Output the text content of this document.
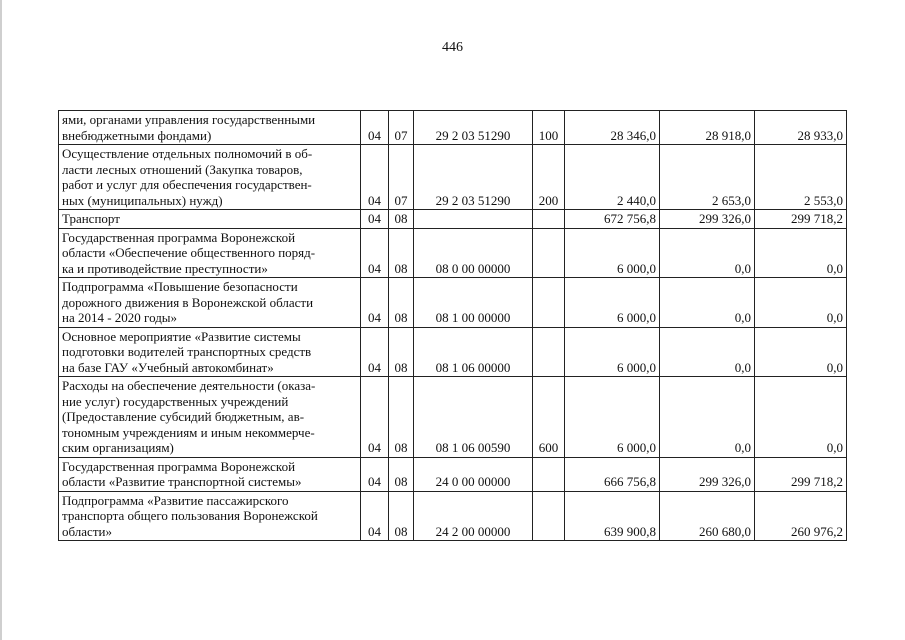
446
ями, органами управления государственными
внебюджетными фондами)	04	07	29 2 03 51290	100	28 346,0	28 918,0	28 933,0

Осуществление отдельных полномочий в об-
ласти лесных отношений (Закупка товаров,
работ и услуг для обеспечения государствен-
ных (муниципальных) нужд)	04	07	29 2 03 51290	200	2 440,0	2 653,0	2 553,0

Транспорт	04	08			672 756,8	299 326,0	299 718,2

Государственная программа Воронежской
области «Обеспечение общественного поряд-
ка и противодействие преступности»	04	08	08 0 00 00000		6 000,0	0,0	0,0

Подпрограмма «Повышение безопасности
дорожного движения в Воронежской области
на 2014 - 2020 годы»	04	08	08 1 00 00000		6 000,0	0,0	0,0

Основное мероприятие «Развитие системы
подготовки водителей транспортных средств
на базе ГАУ «Учебный автокомбинат»	04	08	08 1 06 00000		6 000,0	0,0	0,0

Расходы на обеспечение деятельности (оказа-
ние услуг) государственных учреждений
(Предоставление субсидий бюджетным, ав-
тономным учреждениям и иным некоммерче-
ским организациям)	04	08	08 1 06 00590	600	6 000,0	0,0	0,0

Государственная программа Воронежской
области «Развитие транспортной системы»	04	08	24 0 00 00000		666 756,8	299 326,0	299 718,2

Подпрограмма «Развитие пассажирского
транспорта общего пользования Воронежской
области»	04	08	24 2 00 00000		639 900,8	260 680,0	260 976,2
